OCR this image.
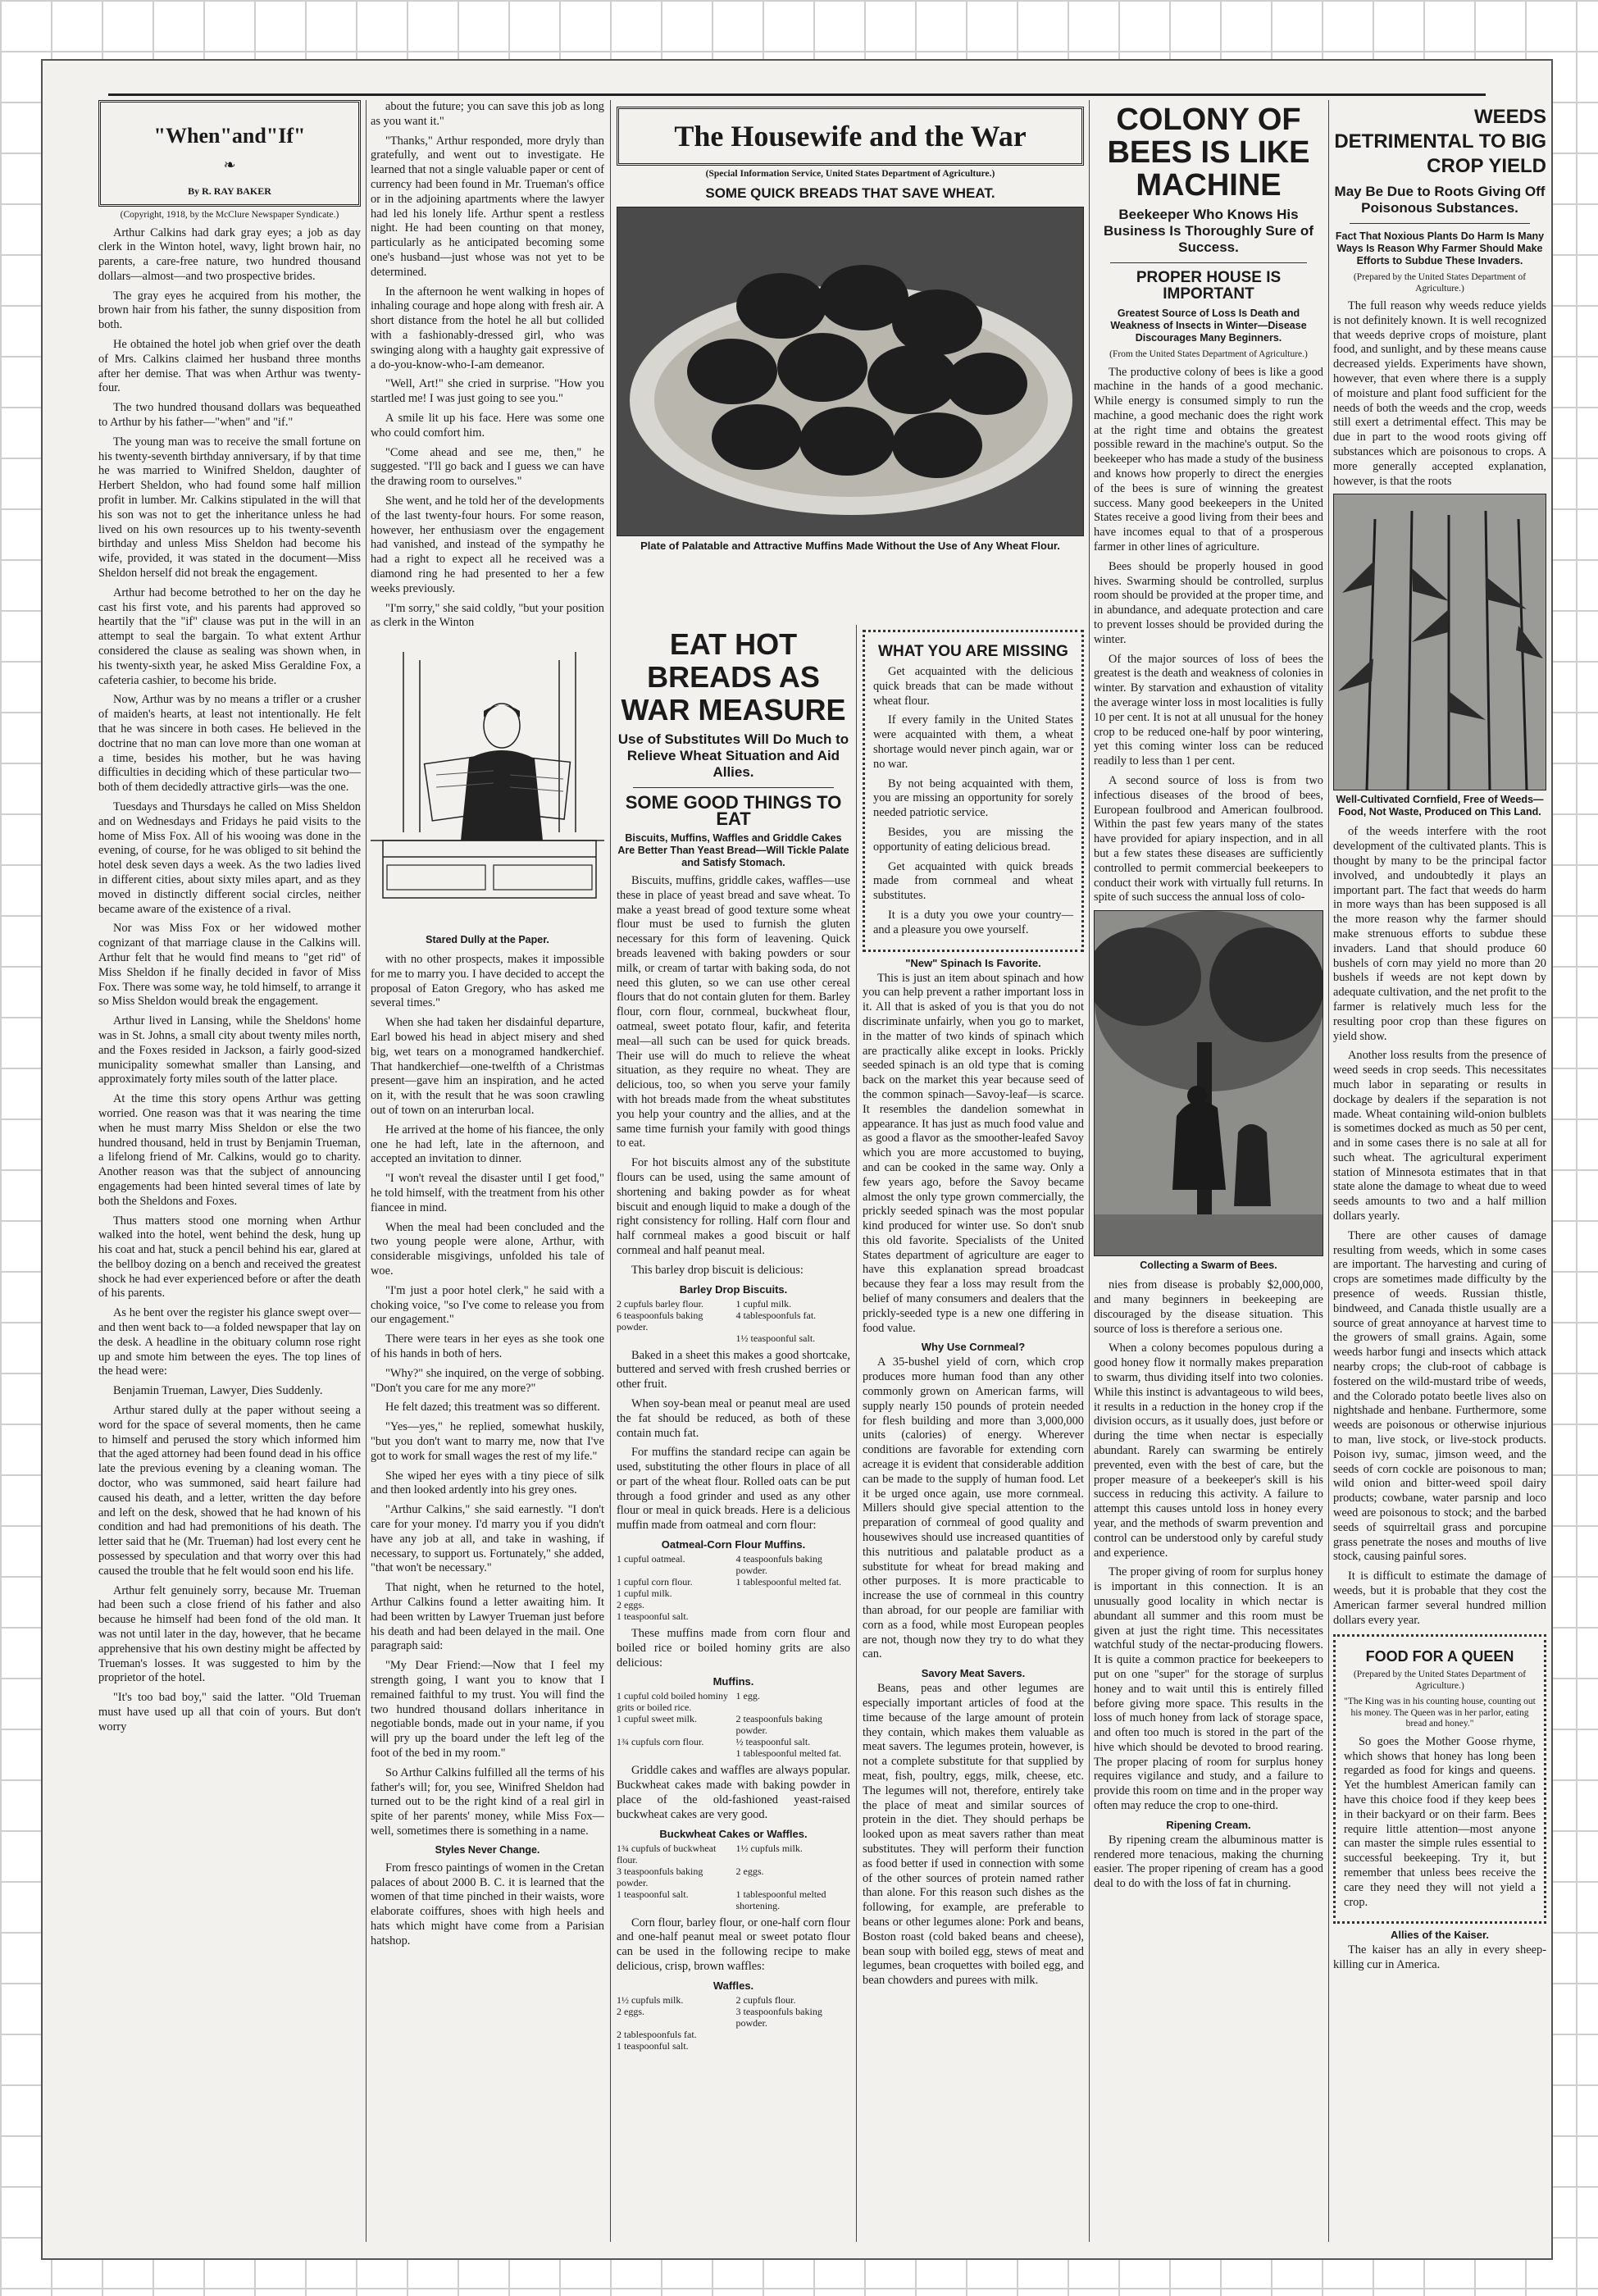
"When"and"If"
❧
By R. RAY BAKER
(Copyright, 1918, by the McClure Newspaper Syndicate.)

Arthur Calkins had dark gray eyes; a job as day clerk in the Winton hotel, wavy, light brown hair, no parents, a care-free nature, two hundred thousand dollars—almost—and two prospective brides.

The gray eyes he acquired from his mother, the brown hair from his father, the sunny disposition from both.

He obtained the hotel job when grief over the death of Mrs. Calkins claimed her husband three months after her demise. That was when Arthur was twenty-four.

The two hundred thousand dollars was bequeathed to Arthur by his father—"when" and "if."

The young man was to receive the small fortune on his twenty-seventh birthday anniversary, if by that time he was married to Winifred Sheldon, daughter of Herbert Sheldon, who had found some half million profit in lumber. Mr. Calkins stipulated in the will that his son was not to get the inheritance unless he had lived on his own resources up to his twenty-seventh birthday and unless Miss Sheldon had become his wife, provided, it was stated in the document—Miss Sheldon herself did not break the engagement.

Arthur had become betrothed to her on the day he cast his first vote, and his parents had approved so heartily that the "if" clause was put in the will in an attempt to seal the bargain. To what extent Arthur considered the clause as sealing was shown when, in his twenty-sixth year, he asked Miss Geraldine Fox, a cafeteria cashier, to become his bride.

Now, Arthur was by no means a trifler or a crusher of maiden's hearts, at least not intentionally. He felt that he was sincere in both cases. He believed in the doctrine that no man can love more than one woman at a time, besides his mother, but he was having difficulties in deciding which of these particular two—both of them decidedly attractive girls—was the one.

Tuesdays and Thursdays he called on Miss Sheldon and on Wednesdays and Fridays he paid visits to the home of Miss Fox. All of his wooing was done in the evening, of course, for he was obliged to sit behind the hotel desk seven days a week. As the two ladies lived in different cities, about sixty miles apart, and as they moved in distinctly different social circles, neither became aware of the existence of a rival.

Nor was Miss Fox or her widowed mother cognizant of that marriage clause in the Calkins will. Arthur felt that he would find means to "get rid" of Miss Sheldon if he finally decided in favor of Miss Fox. There was some way, he told himself, to arrange it so Miss Sheldon would break the engagement.

Arthur lived in Lansing, while the Sheldons' home was in St. Johns, a small city about twenty miles north, and the Foxes resided in Jackson, a fairly good-sized municipality somewhat smaller than Lansing, and approximately forty miles south of the latter place.

At the time this story opens Arthur was getting worried. One reason was that it was nearing the time when he must marry Miss Sheldon or else the two hundred thousand, held in trust by Benjamin Trueman, a lifelong friend of Mr. Calkins, would go to charity. Another reason was that the subject of announcing engagements had been hinted several times of late by both the Sheldons and Foxes.

Thus matters stood one morning when Arthur walked into the hotel, went behind the desk, hung up his coat and hat, stuck a pencil behind his ear, glared at the bellboy dozing on a bench and received the greatest shock he had ever experienced before or after the death of his parents.

As he bent over the register his glance swept over—and then went back to—a folded newspaper that lay on the desk. A headline in the obituary column rose right up and smote him between the eyes. The top lines of the head were:

Benjamin Trueman, Lawyer, Dies Suddenly.

Arthur stared dully at the paper without seeing a word for the space of several moments, then he came to himself and perused the story which informed him that the aged attorney had been found dead in his office late the previous evening by a cleaning woman. The doctor, who was summoned, said heart failure had caused his death, and a letter, written the day before and left on the desk, showed that he had known of his condition and had had premonitions of his death. The letter said that he (Mr. Trueman) had lost every cent he possessed by speculation and that worry over this had caused the trouble that he felt would soon end his life.

Arthur felt genuinely sorry, because Mr. Trueman had been such a close friend of his father and also because he himself had been fond of the old man. It was not until later in the day, however, that he became apprehensive that his own destiny might be affected by Trueman's losses. It was suggested to him by the proprietor of the hotel.

"It's too bad boy," said the latter. "Old Trueman must have used up all that coin of yours. But don't worry

about the future; you can save this job as long as you want it."

"Thanks," Arthur responded, more dryly than gratefully, and went out to investigate. He learned that not a single valuable paper or cent of currency had been found in Mr. Trueman's office or in the adjoining apartments where the lawyer had led his lonely life. Arthur spent a restless night. He had been counting on that money, particularly as he anticipated becoming some one's husband—just whose was not yet to be determined.

In the afternoon he went walking in hopes of inhaling courage and hope along with fresh air. A short distance from the hotel he all but collided with a fashionably-dressed girl, who was swinging along with a haughty gait expressive of a do-you-know-who-I-am demeanor.

"Well, Art!" she cried in surprise. "How you startled me! I was just going to see you."

A smile lit up his face. Here was some one who could comfort him.

"Come ahead and see me, then," he suggested. "I'll go back and I guess we can have the drawing room to ourselves."

She went, and he told her of the developments of the last twenty-four hours. For some reason, however, her enthusiasm over the engagement had vanished, and instead of the sympathy he had a right to expect all he received was a diamond ring he had presented to her a few weeks previously.

"I'm sorry," she said coldly, "but your position as clerk in the Winton

Stared Dully at the Paper.

with no other prospects, makes it impossible for me to marry you. I have decided to accept the proposal of Eaton Gregory, who has asked me several times."

When she had taken her disdainful departure, Earl bowed his head in abject misery and shed big, wet tears on a monogramed handkerchief. That handkerchief—one-twelfth of a Christmas present—gave him an inspiration, and he acted on it, with the result that he was soon crawling out of town on an interurban local.

He arrived at the home of his fiancee, the only one he had left, late in the afternoon, and accepted an invitation to dinner.

"I won't reveal the disaster until I get food," he told himself, with the treatment from his other fiancee in mind.

When the meal had been concluded and the two young people were alone, Arthur, with considerable misgivings, unfolded his tale of woe.

"I'm just a poor hotel clerk," he said with a choking voice, "so I've come to release you from our engagement."

There were tears in her eyes as she took one of his hands in both of hers.

"Why?" she inquired, on the verge of sobbing. "Don't you care for me any more?"

He felt dazed; this treatment was so different.

"Yes—yes," he replied, somewhat huskily, "but you don't want to marry me, now that I've got to work for small wages the rest of my life."

She wiped her eyes with a tiny piece of silk and then looked ardently into his grey ones.

"Arthur Calkins," she said earnestly. "I don't care for your money. I'd marry you if you didn't have any job at all, and take in washing, if necessary, to support us. Fortunately," she added, "that won't be necessary."

That night, when he returned to the hotel, Arthur Calkins found a letter awaiting him. It had been written by Lawyer Trueman just before his death and had been delayed in the mail. One paragraph said:

"My Dear Friend:—Now that I feel my strength going, I want you to know that I remained faithful to my trust. You will find the two hundred thousand dollars inheritance in negotiable bonds, made out in your name, if you will pry up the board under the left leg of the foot of the bed in my room."

So Arthur Calkins fulfilled all the terms of his father's will; for, you see, Winifred Sheldon had turned out to be the right kind of a real girl in spite of her parents' money, while Miss Fox—well, sometimes there is something in a name.

Styles Never Change.

From fresco paintings of women in the Cretan palaces of about 2000 B. C. it is learned that the women of that time pinched in their waists, wore elaborate coiffures, shoes with high heels and hats which might have come from a Parisian hatshop.

The Housewife and the War
(Special Information Service, United States Department of Agriculture.)
SOME QUICK BREADS THAT SAVE WHEAT.
Plate of Palatable and Attractive Muffins Made Without the Use of Any Wheat Flour.
EAT HOT BREADS AS WAR MEASURE
Use of Substitutes Will Do Much to Relieve Wheat Situation and Aid Allies.
SOME GOOD THINGS TO EAT
Biscuits, Muffins, Waffles and Griddle Cakes Are Better Than Yeast Bread—Will Tickle Palate and Satisfy Stomach.

Biscuits, muffins, griddle cakes, waffles—use these in place of yeast bread and save wheat. To make a yeast bread of good texture some wheat flour must be used to furnish the gluten necessary for this form of leavening. Quick breads leavened with baking powders or sour milk, or cream of tartar with baking soda, do not need this gluten, so we can use other cereal flours that do not contain gluten for them. Barley flour, corn flour, cornmeal, buckwheat flour, oatmeal, sweet potato flour, kafir, and feterita meal—all such can be used for quick breads. Their use will do much to relieve the wheat situation, as they require no wheat. They are delicious, too, so when you serve your family with hot breads made from the wheat substitutes you help your country and the allies, and at the same time furnish your family with good things to eat.

For hot biscuits almost any of the substitute flours can be used, using the same amount of shortening and baking powder as for wheat biscuit and enough liquid to make a dough of the right consistency for rolling. Half corn flour and half cornmeal makes a good biscuit or half cornmeal and half peanut meal.

This barley drop biscuit is delicious:

Barley Drop Biscuits.
2 cupfuls barley flour.	1 cupful milk.
6 teaspoonfuls baking powder.
4 tablespoonfuls fat.
1½ teaspoonful salt.

Baked in a sheet this makes a good shortcake, buttered and served with fresh crushed berries or other fruit.

When soy-bean meal or peanut meal are used the fat should be reduced, as both of these contain much fat.

For muffins the standard recipe can again be used, substituting the other flours in place of all or part of the wheat flour. Rolled oats can be put through a food grinder and used as any other flour or meal in quick breads. Here is a delicious muffin made from oatmeal and corn flour:

Oatmeal-Corn Flour Muffins.
1 cupful oatmeal.	4 teaspoonfuls baking powder.
1 cupful corn flour.	1 tablespoonful melted fat.
1 cupful milk.
2 eggs.
1 teaspoonful salt.

These muffins made from corn flour and boiled rice or boiled hominy grits are also delicious:

Muffins.
1 cupful cold boiled hominy grits or boiled rice.
1 egg.
1 cupful sweet milk.	2 teaspoonfuls baking powder.
1¾ cupfuls corn flour.	½ teaspoonful salt.
1 tablespoonful melted fat.

Griddle cakes and waffles are always popular. Buckwheat cakes made with baking powder in place of the old-fashioned yeast-raised buckwheat cakes are very good.

Buckwheat Cakes or Waffles.
1¾ cupfuls of buckwheat flour.
1½ cupfuls milk.
3 teaspoonfuls baking powder.
2 eggs.
1 teaspoonful salt.	1 tablespoonful melted shortening.

Corn flour, barley flour, or one-half corn flour and one-half peanut meal or sweet potato flour can be used in the following recipe to make delicious, crisp, brown waffles:

Waffles.
1½ cupfuls milk.	2 cupfuls flour.
2 eggs.	3 teaspoonfuls baking powder.
2 tablespoonfuls fat.
1 teaspoonful salt.
WHAT YOU ARE MISSING

Get acquainted with the delicious quick breads that can be made without wheat flour.

If every family in the United States were acquainted with them, a wheat shortage would never pinch again, war or no war.

By not being acquainted with them, you are missing an opportunity for sorely needed patriotic service.

Besides, you are missing the opportunity of eating delicious bread.

Get acquainted with quick breads made from cornmeal and wheat substitutes.

It is a duty you owe your country—and a pleasure you owe yourself.

"New" Spinach Is Favorite.

This is just an item about spinach and how you can help prevent a rather important loss in it. All that is asked of you is that you do not discriminate unfairly, when you go to market, in the matter of two kinds of spinach which are practically alike except in looks. Prickly seeded spinach is an old type that is coming back on the market this year because seed of the common spinach—Savoy-leaf—is scarce. It resembles the dandelion somewhat in appearance. It has just as much food value and as good a flavor as the smoother-leafed Savoy which you are more accustomed to buying, and can be cooked in the same way. Only a few years ago, before the Savoy became almost the only type grown commercially, the prickly seeded spinach was the most popular kind produced for winter use. So don't snub this old favorite. Specialists of the United States department of agriculture are eager to have this explanation spread broadcast because they fear a loss may result from the belief of many consumers and dealers that the prickly-seeded type is a new one differing in food value.

Why Use Cornmeal?

A 35-bushel yield of corn, which crop produces more human food than any other commonly grown on American farms, will supply nearly 150 pounds of protein needed for flesh building and more than 3,000,000 units (calories) of energy. Wherever conditions are favorable for extending corn acreage it is evident that considerable addition can be made to the supply of human food. Let it be urged once again, use more cornmeal. Millers should give special attention to the preparation of cornmeal of good quality and housewives should use increased quantities of this nutritious and palatable product as a substitute for wheat for bread making and other purposes. It is more practicable to increase the use of cornmeal in this country than abroad, for our people are familiar with corn as a food, while most European peoples are not, though now they try to do what they can.

Savory Meat Savers.

Beans, peas and other legumes are especially important articles of food at the time because of the large amount of protein they contain, which makes them valuable as meat savers. The legumes protein, however, is not a complete substitute for that supplied by meat, fish, poultry, eggs, milk, cheese, etc. The legumes will not, therefore, entirely take the place of meat and similar sources of protein in the diet. They should perhaps be looked upon as meat savers rather than meat substitutes. They will perform their function as food better if used in connection with some of the other sources of protein named rather than alone. For this reason such dishes as the following, for example, are preferable to beans or other legumes alone: Pork and beans, Boston roast (cold baked beans and cheese), bean soup with boiled egg, stews of meat and legumes, bean croquettes with boiled egg, and bean chowders and purees with milk.

COLONY OF BEES IS LIKE MACHINE
Beekeeper Who Knows His Business Is Thoroughly Sure of Success.
PROPER HOUSE IS IMPORTANT
Greatest Source of Loss Is Death and Weakness of Insects in Winter—Disease Discourages Many Beginners.
(From the United States Department of Agriculture.)

The productive colony of bees is like a good machine in the hands of a good mechanic. While energy is consumed simply to run the machine, a good mechanic does the right work at the right time and obtains the greatest possible reward in the machine's output. So the beekeeper who has made a study of the business and knows how properly to direct the energies of the bees is sure of winning the greatest success. Many good beekeepers in the United States receive a good living from their bees and have incomes equal to that of a prosperous farmer in other lines of agriculture.

Bees should be properly housed in good hives. Swarming should be controlled, surplus room should be provided at the proper time, and in abundance, and adequate protection and care to prevent losses should be provided during the winter.

Of the major sources of loss of bees the greatest is the death and weakness of colonies in winter. By starvation and exhaustion of vitality the average winter loss in most localities is fully 10 per cent. It is not at all unusual for the honey crop to be reduced one-half by poor wintering, yet this coming winter loss can be reduced readily to less than 1 per cent.

A second source of loss is from two infectious diseases of the brood of bees, European foulbrood and American foulbrood. Within the past few years many of the states have provided for apiary inspection, and in all but a few states these diseases are sufficiently controlled to permit commercial beekeepers to conduct their work with virtually full returns. In spite of such success the annual loss of colo-

Collecting a Swarm of Bees.

nies from disease is probably $2,000,000, and many beginners in beekeeping are discouraged by the disease situation. This source of loss is therefore a serious one.

When a colony becomes populous during a good honey flow it normally makes preparation to swarm, thus dividing itself into two colonies. While this instinct is advantageous to wild bees, it results in a reduction in the honey crop if the division occurs, as it usually does, just before or during the time when nectar is especially abundant. Rarely can swarming be entirely prevented, even with the best of care, but the proper measure of a beekeeper's skill is his success in reducing this activity. A failure to attempt this causes untold loss in honey every year, and the methods of swarm prevention and control can be understood only by careful study and experience.

The proper giving of room for surplus honey is important in this connection. It is an unusually good locality in which nectar is abundant all summer and this room must be given at just the right time. This necessitates watchful study of the nectar-producing flowers. It is quite a common practice for beekeepers to put on one "super" for the storage of surplus honey and to wait until this is entirely filled before giving more space. This results in the loss of much honey from lack of storage space, and often too much is stored in the part of the hive which should be devoted to brood rearing. The proper placing of room for surplus honey requires vigilance and study, and a failure to provide this room on time and in the proper way often may reduce the crop to one-third.

Ripening Cream.

By ripening cream the albuminous matter is rendered more tenacious, making the churning easier. The proper ripening of cream has a good deal to do with the loss of fat in churning.

WEEDS DETRIMENTAL TO BIG CROP YIELD
May Be Due to Roots Giving Off Poisonous Substances.
Fact That Noxious Plants Do Harm Is Many Ways Is Reason Why Farmer Should Make Efforts to Subdue These Invaders.
(Prepared by the United States Department of Agriculture.)

The full reason why weeds reduce yields is not definitely known. It is well recognized that weeds deprive crops of moisture, plant food, and sunlight, and by these means cause decreased yields. Experiments have shown, however, that even where there is a supply of moisture and plant food sufficient for the needs of both the weeds and the crop, weeds still exert a detrimental effect. This may be due in part to the wood roots giving off substances which are poisonous to crops. A more generally accepted explanation, however, is that the roots

Well-Cultivated Cornfield, Free of Weeds—Food, Not Waste, Produced on This Land.

of the weeds interfere with the root development of the cultivated plants. This is thought by many to be the principal factor involved, and undoubtedly it plays an important part. The fact that weeds do harm in more ways than has been supposed is all the more reason why the farmer should make strenuous efforts to subdue these invaders. Land that should produce 60 bushels of corn may yield no more than 20 bushels if weeds are not kept down by adequate cultivation, and the net profit to the farmer is relatively much less for the resulting poor crop than these figures on yield show.

Another loss results from the presence of weed seeds in crop seeds. This necessitates much labor in separating or results in dockage by dealers if the separation is not made. Wheat containing wild-onion bulblets is sometimes docked as much as 50 per cent, and in some cases there is no sale at all for such wheat. The agricultural experiment station of Minnesota estimates that in that state alone the damage to wheat due to weed seeds amounts to two and a half million dollars yearly.

There are other causes of damage resulting from weeds, which in some cases are important. The harvesting and curing of crops are sometimes made difficulty by the presence of weeds. Russian thistle, bindweed, and Canada thistle usually are a source of great annoyance at harvest time to the growers of small grains. Again, some weeds harbor fungi and insects which attack nearby crops; the club-root of cabbage is fostered on the wild-mustard tribe of weeds, and the Colorado potato beetle lives also on nightshade and henbane. Furthermore, some weeds are poisonous or otherwise injurious to man, live stock, or live-stock products. Poison ivy, sumac, jimson weed, and the seeds of corn cockle are poisonous to man; wild onion and bitter-weed spoil dairy products; cowbane, water parsnip and loco weed are poisonous to stock; and the barbed seeds of squirreltail grass and porcupine grass penetrate the noses and mouths of live stock, causing painful sores.

It is difficult to estimate the damage of weeds, but it is probable that they cost the American farmer several hundred million dollars every year.

FOOD FOR A QUEEN
(Prepared by the United States Department of Agriculture.)
"The King was in his counting house, counting out his money. The Queen was in her parlor, eating bread and honey."

So goes the Mother Goose rhyme, which shows that honey has long been regarded as food for kings and queens. Yet the humblest American family can have this choice food if they keep bees in their backyard or on their farm. Bees require little attention—most anyone can master the simple rules essential to successful beekeeping. Try it, but remember that unless bees receive the care they need they will not yield a crop.

Allies of the Kaiser.

The kaiser has an ally in every sheep-killing cur in America.
